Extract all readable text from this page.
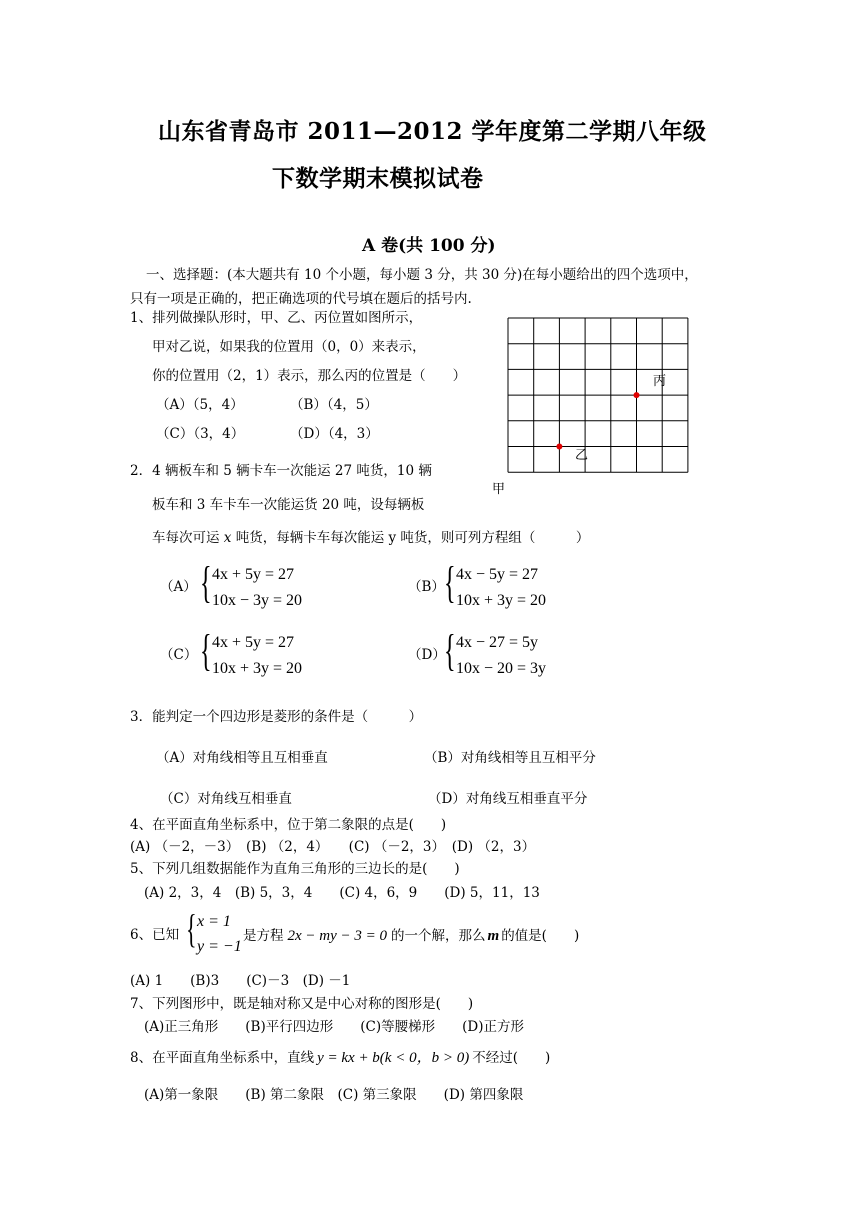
山东省青岛市 2011—2012 学年度第二学期八年级
下数学期末模拟试卷
A 卷(共 100 分)
一、选择题：(本大题共有 10 个小题，每小题 3 分，共 30 分)在每小题给出的四个选项中，
只有一项是正确的，把正确选项的代号填在题后的括号内.
1、排列做操队形时，甲、乙、丙位置如图所示，
甲对乙说，如果我的位置用（0，0）来表示，
你的位置用（2，1）表示，那么丙的位置是（　　）
（A）（5，4）	（B）（4，5）
（C）（3，4）	（D）（4，3）
丙
乙
甲
2．4 辆板车和 5 辆卡车一次能运 27 吨货，10 辆
板车和 3 车卡车一次能运货 20 吨，设每辆板
车每次可运 x 吨货，每辆卡车每次能运 y 吨货，则可列方程组（　　　）
（A） { 4x + 5y = 27
10x − 3y = 20
（B） { 4x − 5y = 27
10x + 3y = 20
（C） { 4x + 5y = 27
10x + 3y = 20
（D）
{ 4x − 27 = 5y
10x − 20 = 3y
3．能判定一个四边形是菱形的条件是（　　　）
（A）对角线相等且互相垂直	（B）对角线相等且互相平分
（C）对角线互相垂直	（D）对角线互相垂直平分
4、在平面直角坐标系中，位于第二象限的点是(　　)
(A) （－2，－3）　(B) （2，4）　　(C) （－2，3）　(D) （2，3）
5、下列几组数据能作为直角三角形的三边长的是(　　)
(A) 2，3，4　(B) 5，3，4　　(C) 4，6，9　　(D) 5，11，13
6、已知 { x = 1
y = −1
是方程 2x − my − 3 = 0 的一个解，那么 m 的值是(　　)
(A) 1　　(B)3　　(C)－3　(D) －1
7、下列图形中，既是轴对称又是中心对称的图形是(　　)
(A)正三角形　　(B)平行四边形　　(C)等腰梯形　　(D)正方形
8、在平面直角坐标系中，直线 y = kx + b(k < 0，b > 0) 不经过(　　)
(A)第一象限　　(B) 第二象限　(C) 第三象限　　(D) 第四象限
